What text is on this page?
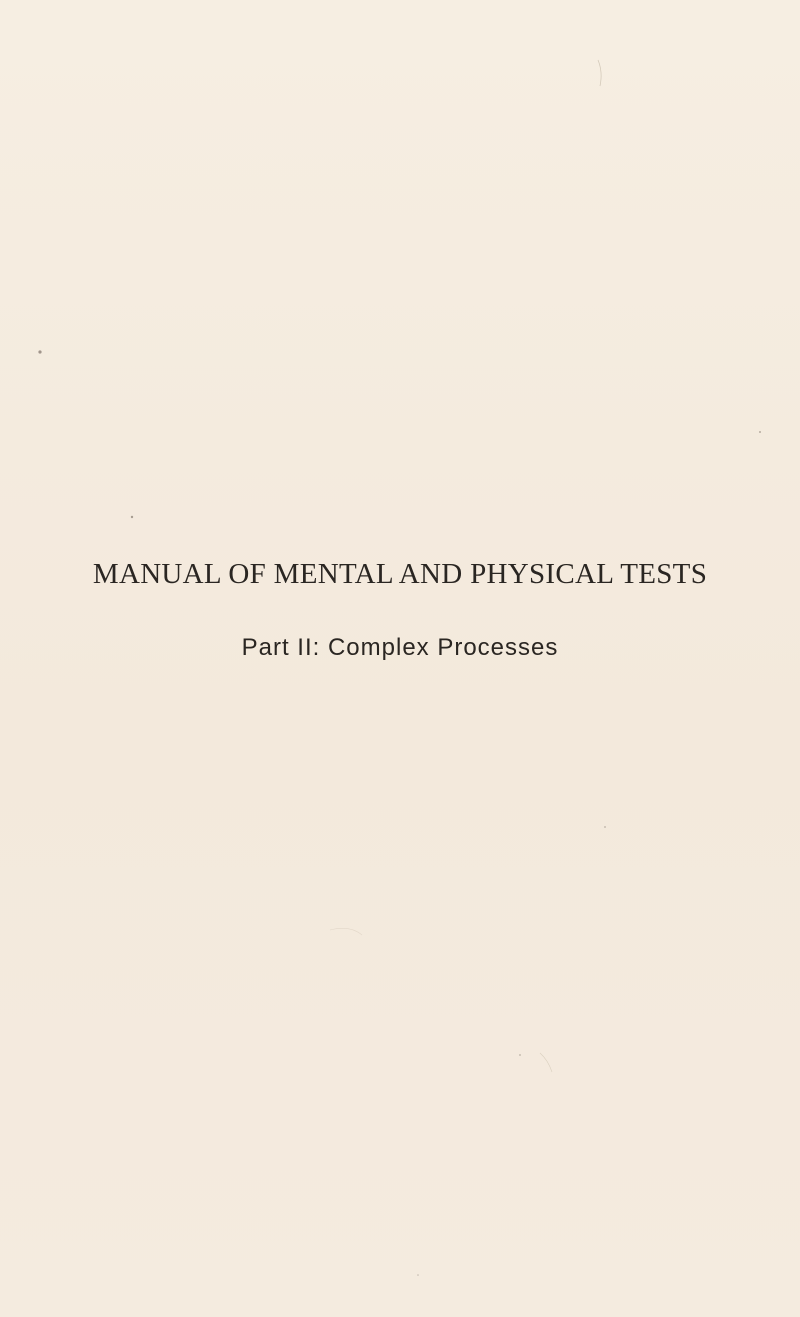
MANUAL OF MENTAL AND PHYSICAL TESTS
Part II: Complex Processes
